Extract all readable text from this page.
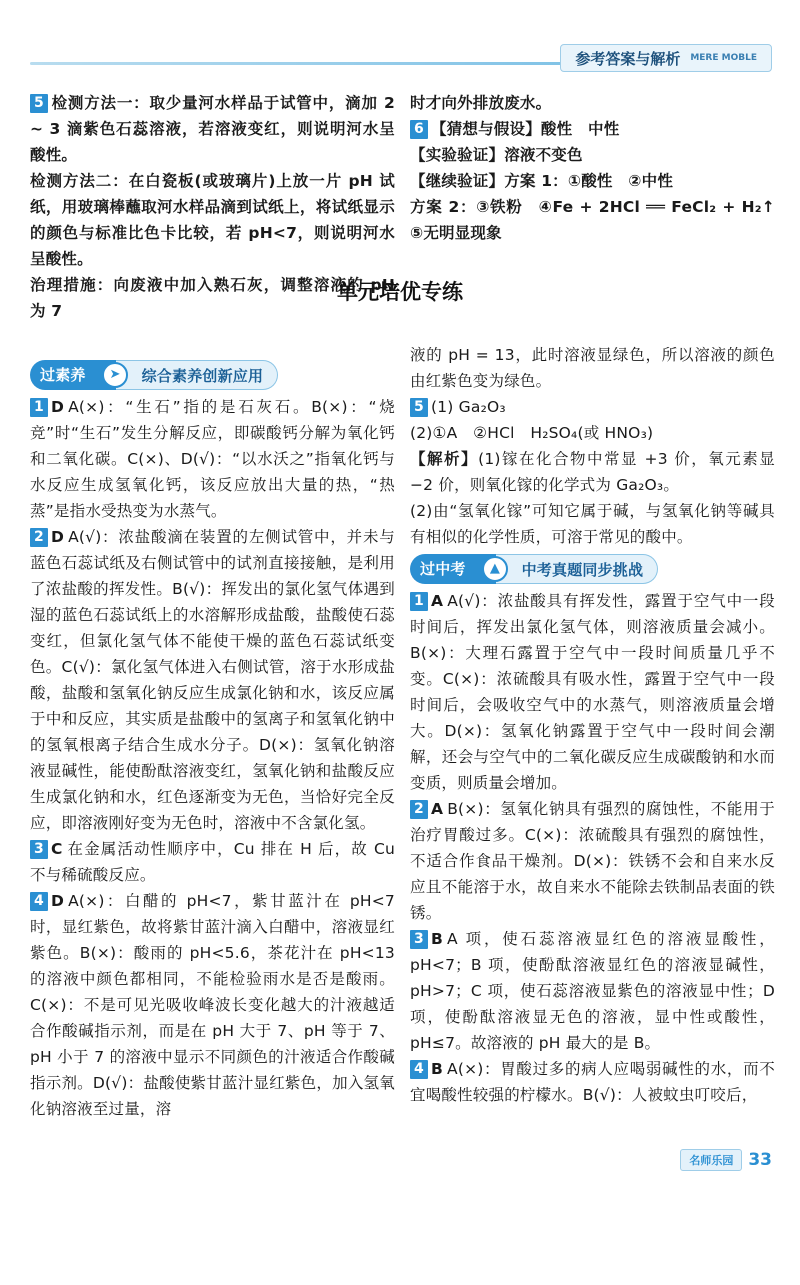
参考答案与解析 MERE MOBLE

5 检测方法一：取少量河水样品于试管中，滴加 2 ~ 3 滴紫色石蕊溶液，若溶液变红，则说明河水呈酸性。

检测方法二：在白瓷板(或玻璃片)上放一片 pH 试纸，用玻璃棒蘸取河水样品滴到试纸上，将试纸显示的颜色与标准比色卡比较，若 pH<7，则说明河水呈酸性。

治理措施：向废液中加入熟石灰，调整溶液的 pH 为 7

时才向外排放废水。

6 【猜想与假设】酸性　中性

【实验验证】溶液不变色

【继续验证】方案 1：①酸性　②中性

方案 2：③铁粉　④Fe + 2HCl ══ FeCl₂ + H₂↑　⑤无明显现象

单元培优专练
过素养	➤	综合素养创新应用

1 D A(×)：“生石”指的是石灰石。B(×)：“烧竞”时“生石”发生分解反应，即碳酸钙分解为氧化钙和二氧化碳。C(×)、D(√)：“以水沃之”指氧化钙与水反应生成氢氧化钙，该反应放出大量的热，“热蒸”是指水受热变为水蒸气。

2 D A(√)：浓盐酸滴在装置的左侧试管中，并未与蓝色石蕊试纸及右侧试管中的试剂直接接触，是利用了浓盐酸的挥发性。B(√)：挥发出的氯化氢气体遇到湿的蓝色石蕊试纸上的水溶解形成盐酸，盐酸使石蕊变红，但氯化氢气体不能使干燥的蓝色石蕊试纸变色。C(√)：氯化氢气体进入右侧试管，溶于水形成盐酸，盐酸和氢氧化钠反应生成氯化钠和水，该反应属于中和反应，其实质是盐酸中的氢离子和氢氧化钠中的氢氧根离子结合生成水分子。D(×)：氢氧化钠溶液显碱性，能使酚酞溶液变红，氢氧化钠和盐酸反应生成氯化钠和水，红色逐渐变为无色，当恰好完全反应，即溶液刚好变为无色时，溶液中不含氯化氢。

3 C 在金属活动性顺序中，Cu 排在 H 后，故 Cu 不与稀硫酸反应。

4 D A(×)：白醋的 pH<7，紫甘蓝汁在 pH<7 时，显红紫色，故将紫甘蓝汁滴入白醋中，溶液显红紫色。B(×)：酸雨的 pH<5.6，茶花汁在 pH<13 的溶液中颜色都相同，不能检验雨水是否是酸雨。C(×)：不是可见光吸收峰波长变化越大的汁液越适合作酸碱指示剂，而是在 pH 大于 7、pH 等于 7、pH 小于 7 的溶液中显示不同颜色的汁液适合作酸碱指示剂。D(√)：盐酸使紫甘蓝汁显红紫色，加入氢氧化钠溶液至过量，溶

液的 pH = 13，此时溶液显绿色，所以溶液的颜色由红紫色变为绿色。

5 (1) Ga₂O₃

(2)①A　②HCl　H₂SO₄(或 HNO₃)

【解析】(1)镓在化合物中常显 +3 价，氧元素显 −2 价，则氧化镓的化学式为 Ga₂O₃。

(2)由“氢氧化镓”可知它属于碱，与氢氧化钠等碱具有相似的化学性质，可溶于常见的酸中。

过中考	▲	中考真题同步挑战

1 A A(√)：浓盐酸具有挥发性，露置于空气中一段时间后，挥发出氯化氢气体，则溶液质量会减小。B(×)：大理石露置于空气中一段时间质量几乎不变。C(×)：浓硫酸具有吸水性，露置于空气中一段时间后，会吸收空气中的水蒸气，则溶液质量会增大。D(×)：氢氧化钠露置于空气中一段时间会潮解，还会与空气中的二氧化碳反应生成碳酸钠和水而变质，则质量会增加。

2 A B(×)：氢氧化钠具有强烈的腐蚀性，不能用于治疗胃酸过多。C(×)：浓硫酸具有强烈的腐蚀性，不适合作食品干燥剂。D(×)：铁锈不会和自来水反应且不能溶于水，故自来水不能除去铁制品表面的铁锈。

3 B A 项，使石蕊溶液显红色的溶液显酸性，pH<7；B 项，使酚酞溶液显红色的溶液显碱性，pH>7；C 项，使石蕊溶液显紫色的溶液显中性；D 项，使酚酞溶液显无色的溶液，显中性或酸性，pH≤7。故溶液的 pH 最大的是 B。

4 B A(×)：胃酸过多的病人应喝弱碱性的水，而不宜喝酸性较强的柠檬水。B(√)：人被蚊虫叮咬后，

名师乐园 33
